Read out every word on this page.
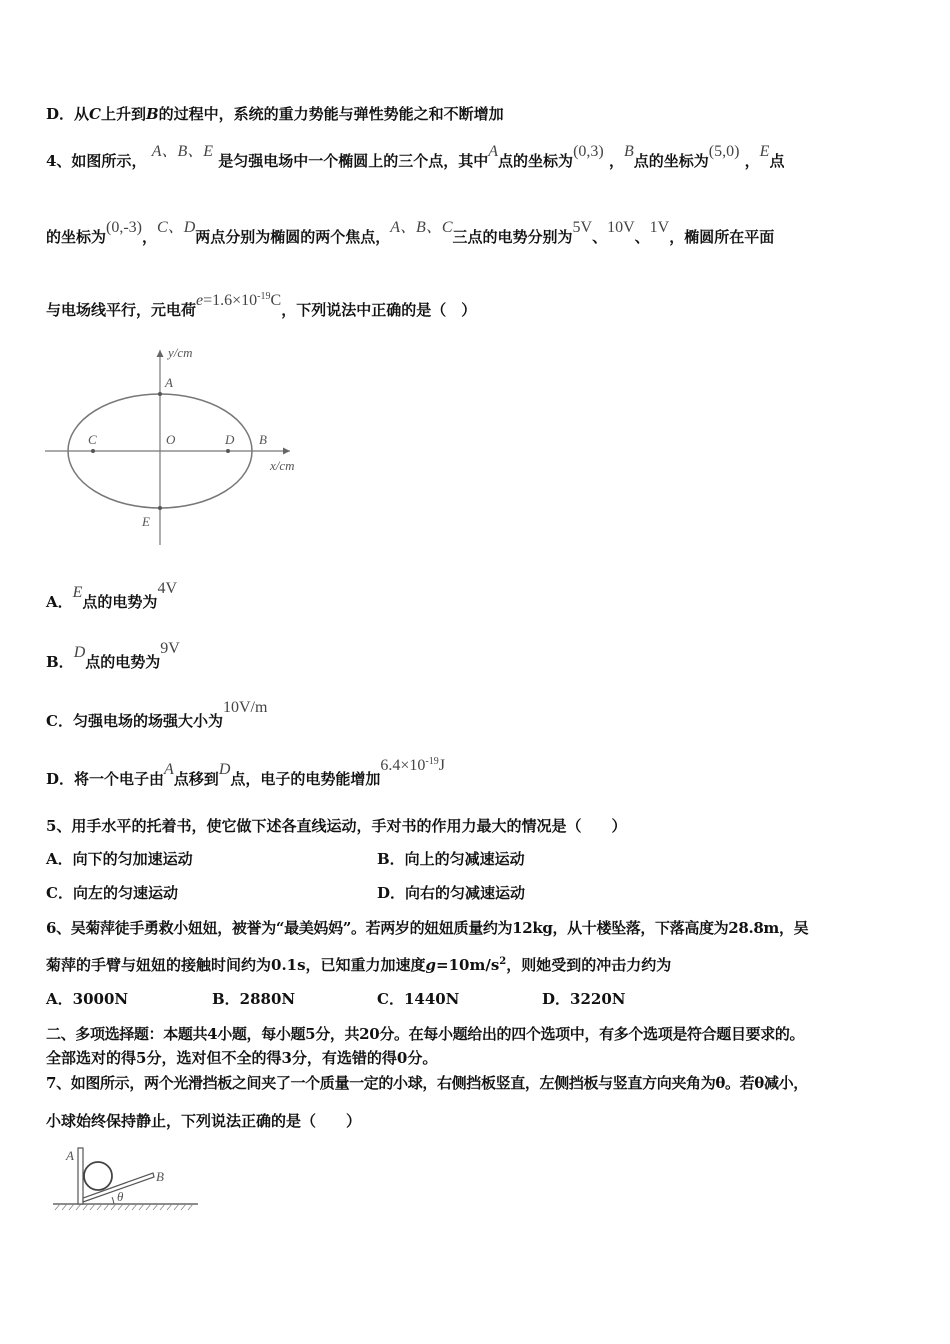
D．从C上升到B的过程中，系统的重力势能与弹性势能之和不断增加
4、如图所示， A、B、E 是匀强电场中一个椭圆上的三个点，其中A点的坐标为(0,3) ，B点的坐标为(5,0) ，E点
的坐标为(0,-3)，C、D两点分别为椭圆的两个焦点，A、B、C三点的电势分别为5V、10V、1V，椭圆所在平面
与电场线平行，元电荷$e=1.6\times 10^{-19}C$，下列说法中正确的是（　）
y/cm
x/cm
A
C	O	D B
E
A．E点的电势为4V
B．D点的电势为9V
C．匀强电场的场强大小为10V/m
D．将一个电子由A点移到D点，电子的电势能增加$6.4\times 10^{-19}J$
5、用手水平的托着书，使它做下述各直线运动，手对书的作用力最大的情况是（　　）
A．向下的匀加速运动	B．向上的匀减速运动
C．向左的匀速运动	D．向右的匀减速运动
6、吴菊萍徒手勇救小妞妞，被誉为“最美妈妈”。若两岁的妞妞质量约为12kg，从十楼坠落，下落高度为28.8m，吴
菊萍的手臂与妞妞的接触时间约为0.1s，已知重力加速度$g=10m/s^2$，则她受到的冲击力约为
A．3000N	B．2880N	C．1440N	D．3220N
二、多项选择题：本题共4小题，每小题5分，共20分。在每小题给出的四个选项中，有多个选项是符合题目要求的。
全部选对的得5分，选对但不全的得3分，有选错的得0分。
7、如图所示，两个光滑挡板之间夹了一个质量一定的小球，右侧挡板竖直，左侧挡板与竖直方向夹角为θ。若θ减小，
小球始终保持静止，下列说法正确的是（　　）
A
B
θ
